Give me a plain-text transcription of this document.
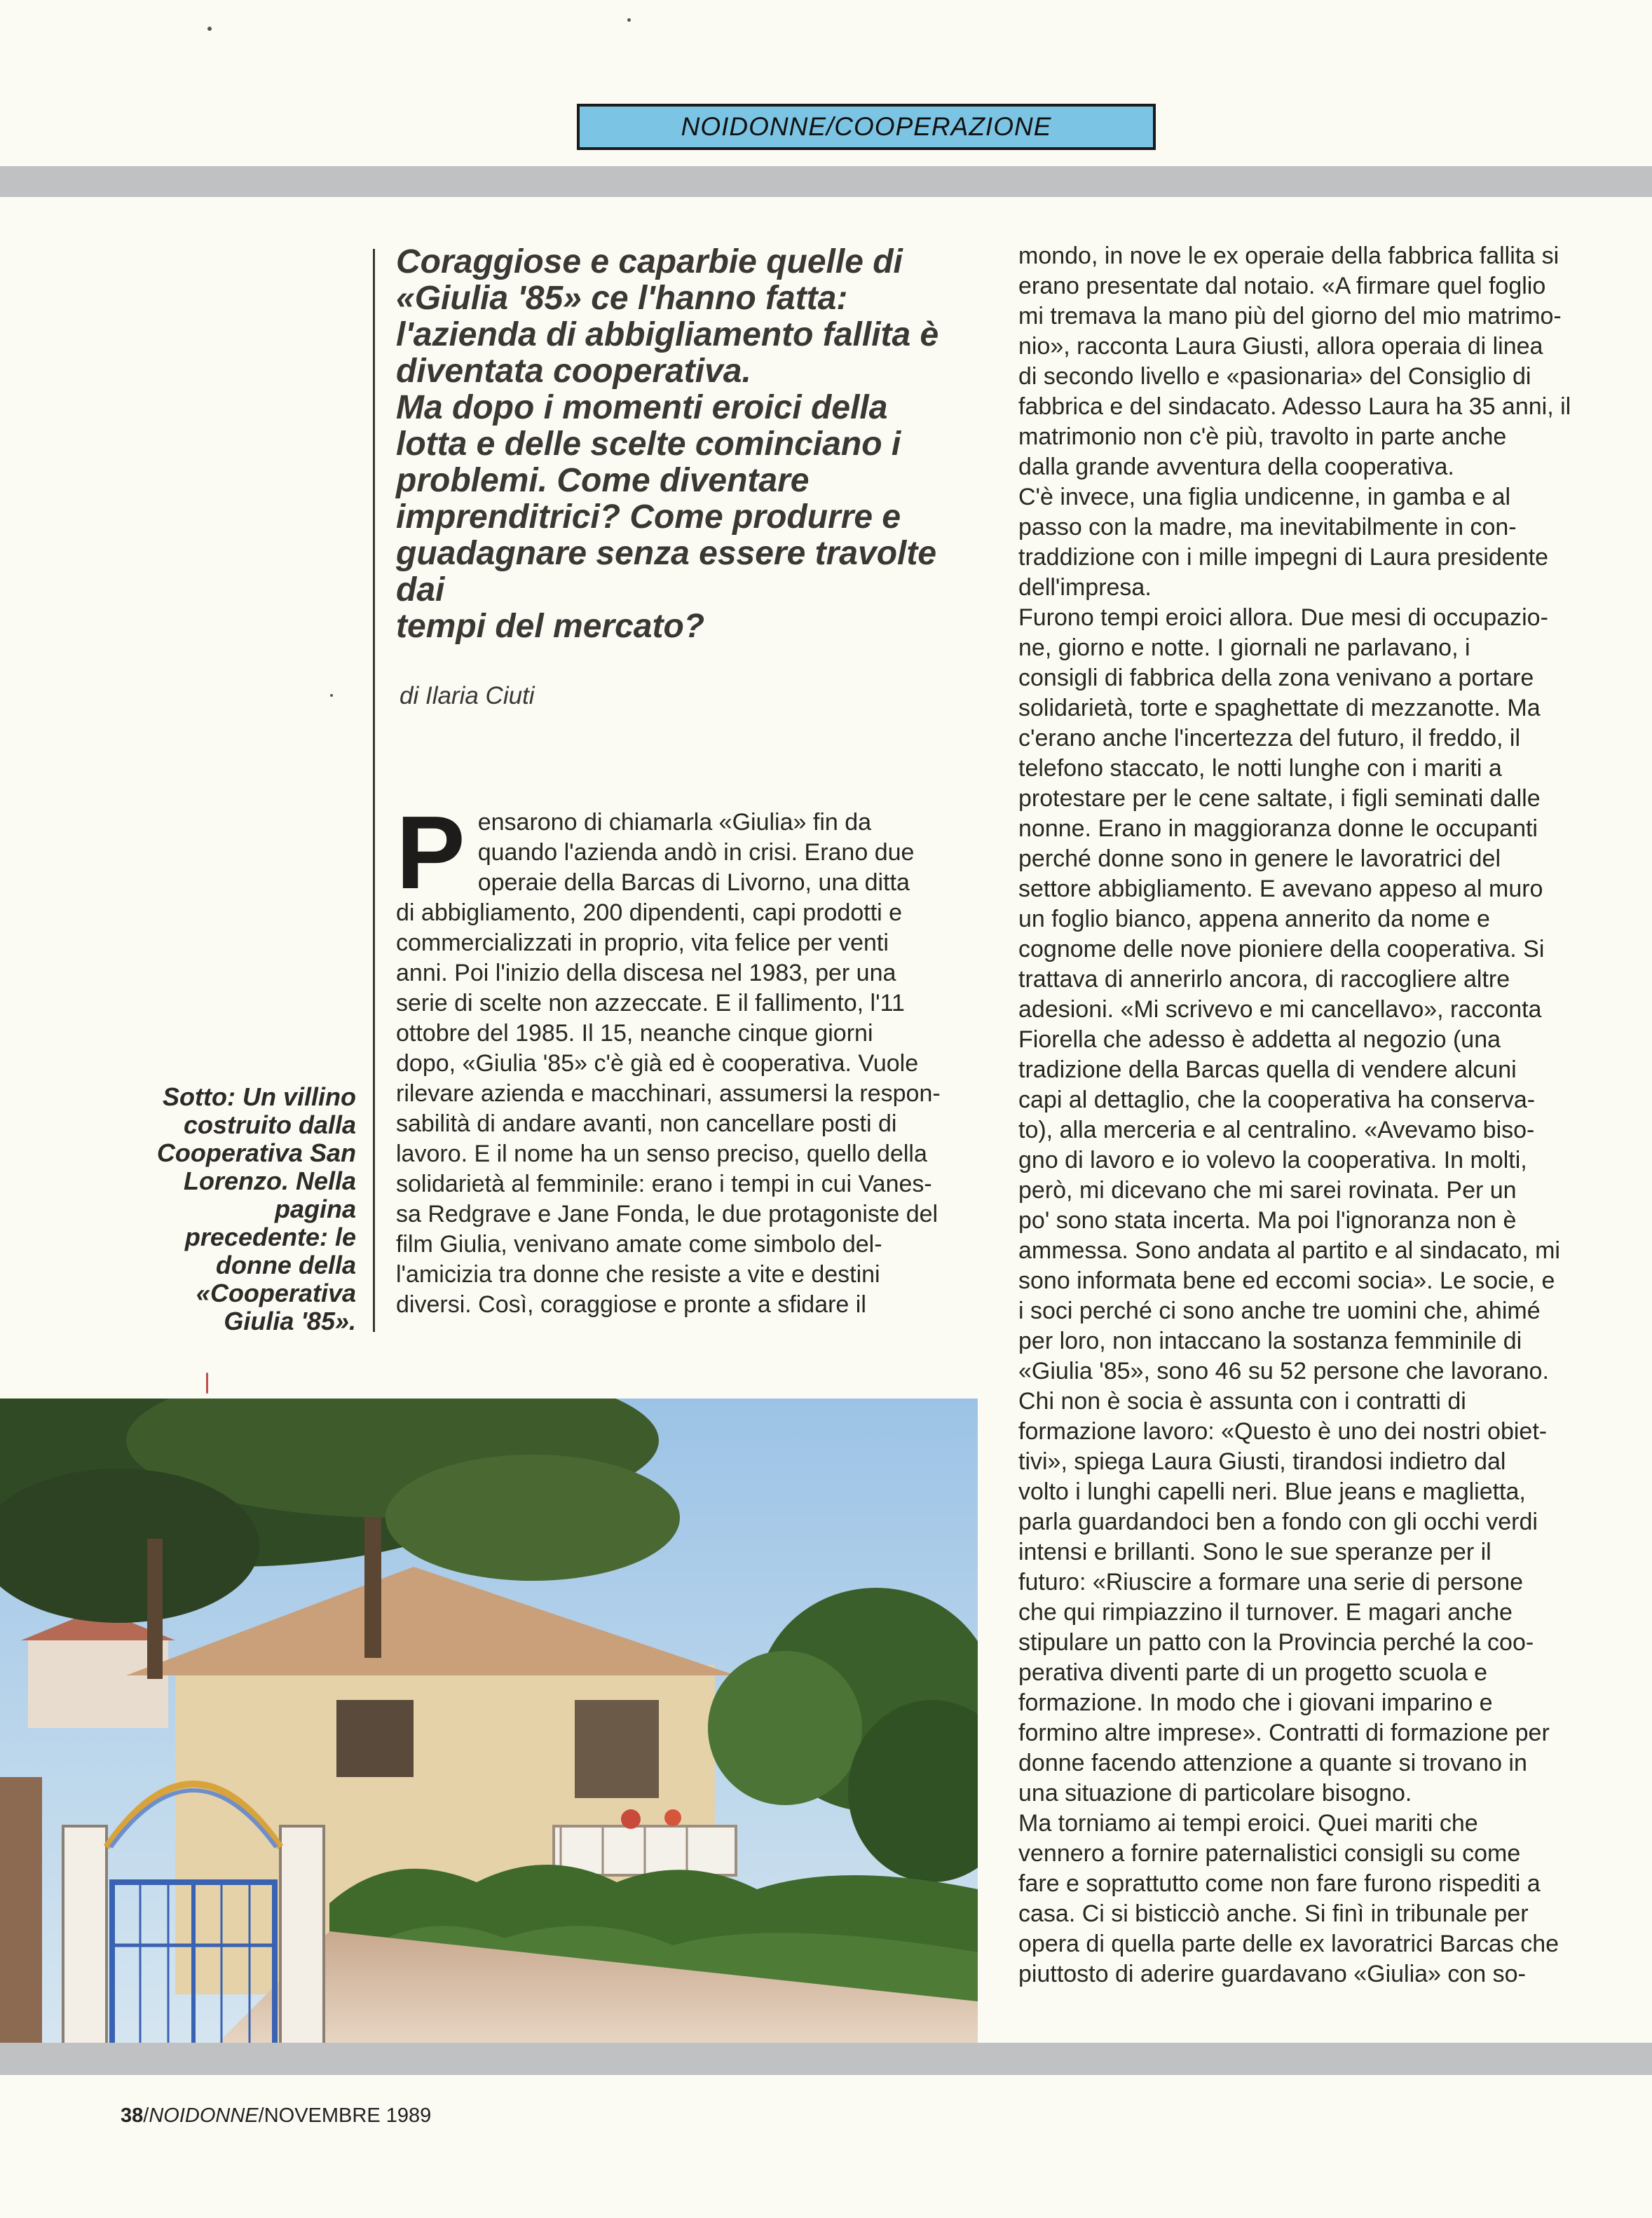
NOIDONNE/COOPERAZIONE
Coraggiose e caparbie quelle di
«Giulia '85» ce l'hanno fatta:
l'azienda di abbigliamento fallita è
diventata cooperativa.
Ma dopo i momenti eroici della
lotta e delle scelte cominciano i
problemi. Come diventare
imprenditrici? Come produrre e
guadagnare senza essere travolte dai
tempi del mercato?

di Ilaria Ciuti

P ensarono di chiamarla «Giulia» fin da

quando l'azienda andò in crisi. Erano due

operaie della Barcas di Livorno, una ditta

di abbigliamento, 200 dipendenti, capi prodotti e

commercializzati in proprio, vita felice per venti

anni. Poi l'inizio della discesa nel 1983, per una

serie di scelte non azzeccate. E il fallimento, l'11

ottobre del 1985. Il 15, neanche cinque giorni

dopo, «Giulia '85» c'è già ed è cooperativa. Vuole

rilevare azienda e macchinari, assumersi la respon-

sabilità di andare avanti, non cancellare posti di

lavoro. E il nome ha un senso preciso, quello della

solidarietà al femminile: erano i tempi in cui Vanes-

sa Redgrave e Jane Fonda, le due protagoniste del

film Giulia, venivano amate come simbolo del-

l'amicizia tra donne che resiste a vite e destini

diversi. Così, coraggiose e pronte a sfidare il

mondo, in nove le ex operaie della fabbrica fallita si

erano presentate dal notaio. «A firmare quel foglio

mi tremava la mano più del giorno del mio matrimo-

nio», racconta Laura Giusti, allora operaia di linea

di secondo livello e «pasionaria» del Consiglio di

fabbrica e del sindacato. Adesso Laura ha 35 anni, il

matrimonio non c'è più, travolto in parte anche

dalla grande avventura della cooperativa.

C'è invece, una figlia undicenne, in gamba e al

passo con la madre, ma inevitabilmente in con-

traddizione con i mille impegni di Laura presidente

dell'impresa.

Furono tempi eroici allora. Due mesi di occupazio-

ne, giorno e notte. I giornali ne parlavano, i

consigli di fabbrica della zona venivano a portare

solidarietà, torte e spaghettate di mezzanotte. Ma

c'erano anche l'incertezza del futuro, il freddo, il

telefono staccato, le notti lunghe con i mariti a

protestare per le cene saltate, i figli seminati dalle

nonne. Erano in maggioranza donne le occupanti

perché donne sono in genere le lavoratrici del

settore abbigliamento. E avevano appeso al muro

un foglio bianco, appena annerito da nome e

cognome delle nove pioniere della cooperativa. Si

trattava di annerirlo ancora, di raccogliere altre

adesioni. «Mi scrivevo e mi cancellavo», racconta

Fiorella che adesso è addetta al negozio (una

tradizione della Barcas quella di vendere alcuni

capi al dettaglio, che la cooperativa ha conserva-

to), alla merceria e al centralino. «Avevamo biso-

gno di lavoro e io volevo la cooperativa. In molti,

però, mi dicevano che mi sarei rovinata. Per un

po' sono stata incerta. Ma poi l'ignoranza non è

ammessa. Sono andata al partito e al sindacato, mi

sono informata bene ed eccomi socia». Le socie, e

i soci perché ci sono anche tre uomini che, ahimé

per loro, non intaccano la sostanza femminile di

«Giulia '85», sono 46 su 52 persone che lavorano.

Chi non è socia è assunta con i contratti di

formazione lavoro: «Questo è uno dei nostri obiet-

tivi», spiega Laura Giusti, tirandosi indietro dal

volto i lunghi capelli neri. Blue jeans e maglietta,

parla guardandoci ben a fondo con gli occhi verdi

intensi e brillanti. Sono le sue speranze per il

futuro: «Riuscire a formare una serie di persone

che qui rimpiazzino il turnover. E magari anche

stipulare un patto con la Provincia perché la coo-

perativa diventi parte di un progetto scuola e

formazione. In modo che i giovani imparino e

formino altre imprese». Contratti di formazione per

donne facendo attenzione a quante si trovano in

una situazione di particolare bisogno.

Ma torniamo ai tempi eroici. Quei mariti che

vennero a fornire paternalistici consigli su come

fare e soprattutto come non fare furono rispediti a

casa. Ci si bisticciò anche. Si finì in tribunale per

opera di quella parte delle ex lavoratrici Barcas che

piuttosto di aderire guardavano «Giulia» con so-

Sotto: Un villino
costruito dalla
Cooperativa San
Lorenzo. Nella
pagina
precedente: le
donne della
«Cooperativa
Giulia '85».
38/NOIDONNE/NOVEMBRE 1989
